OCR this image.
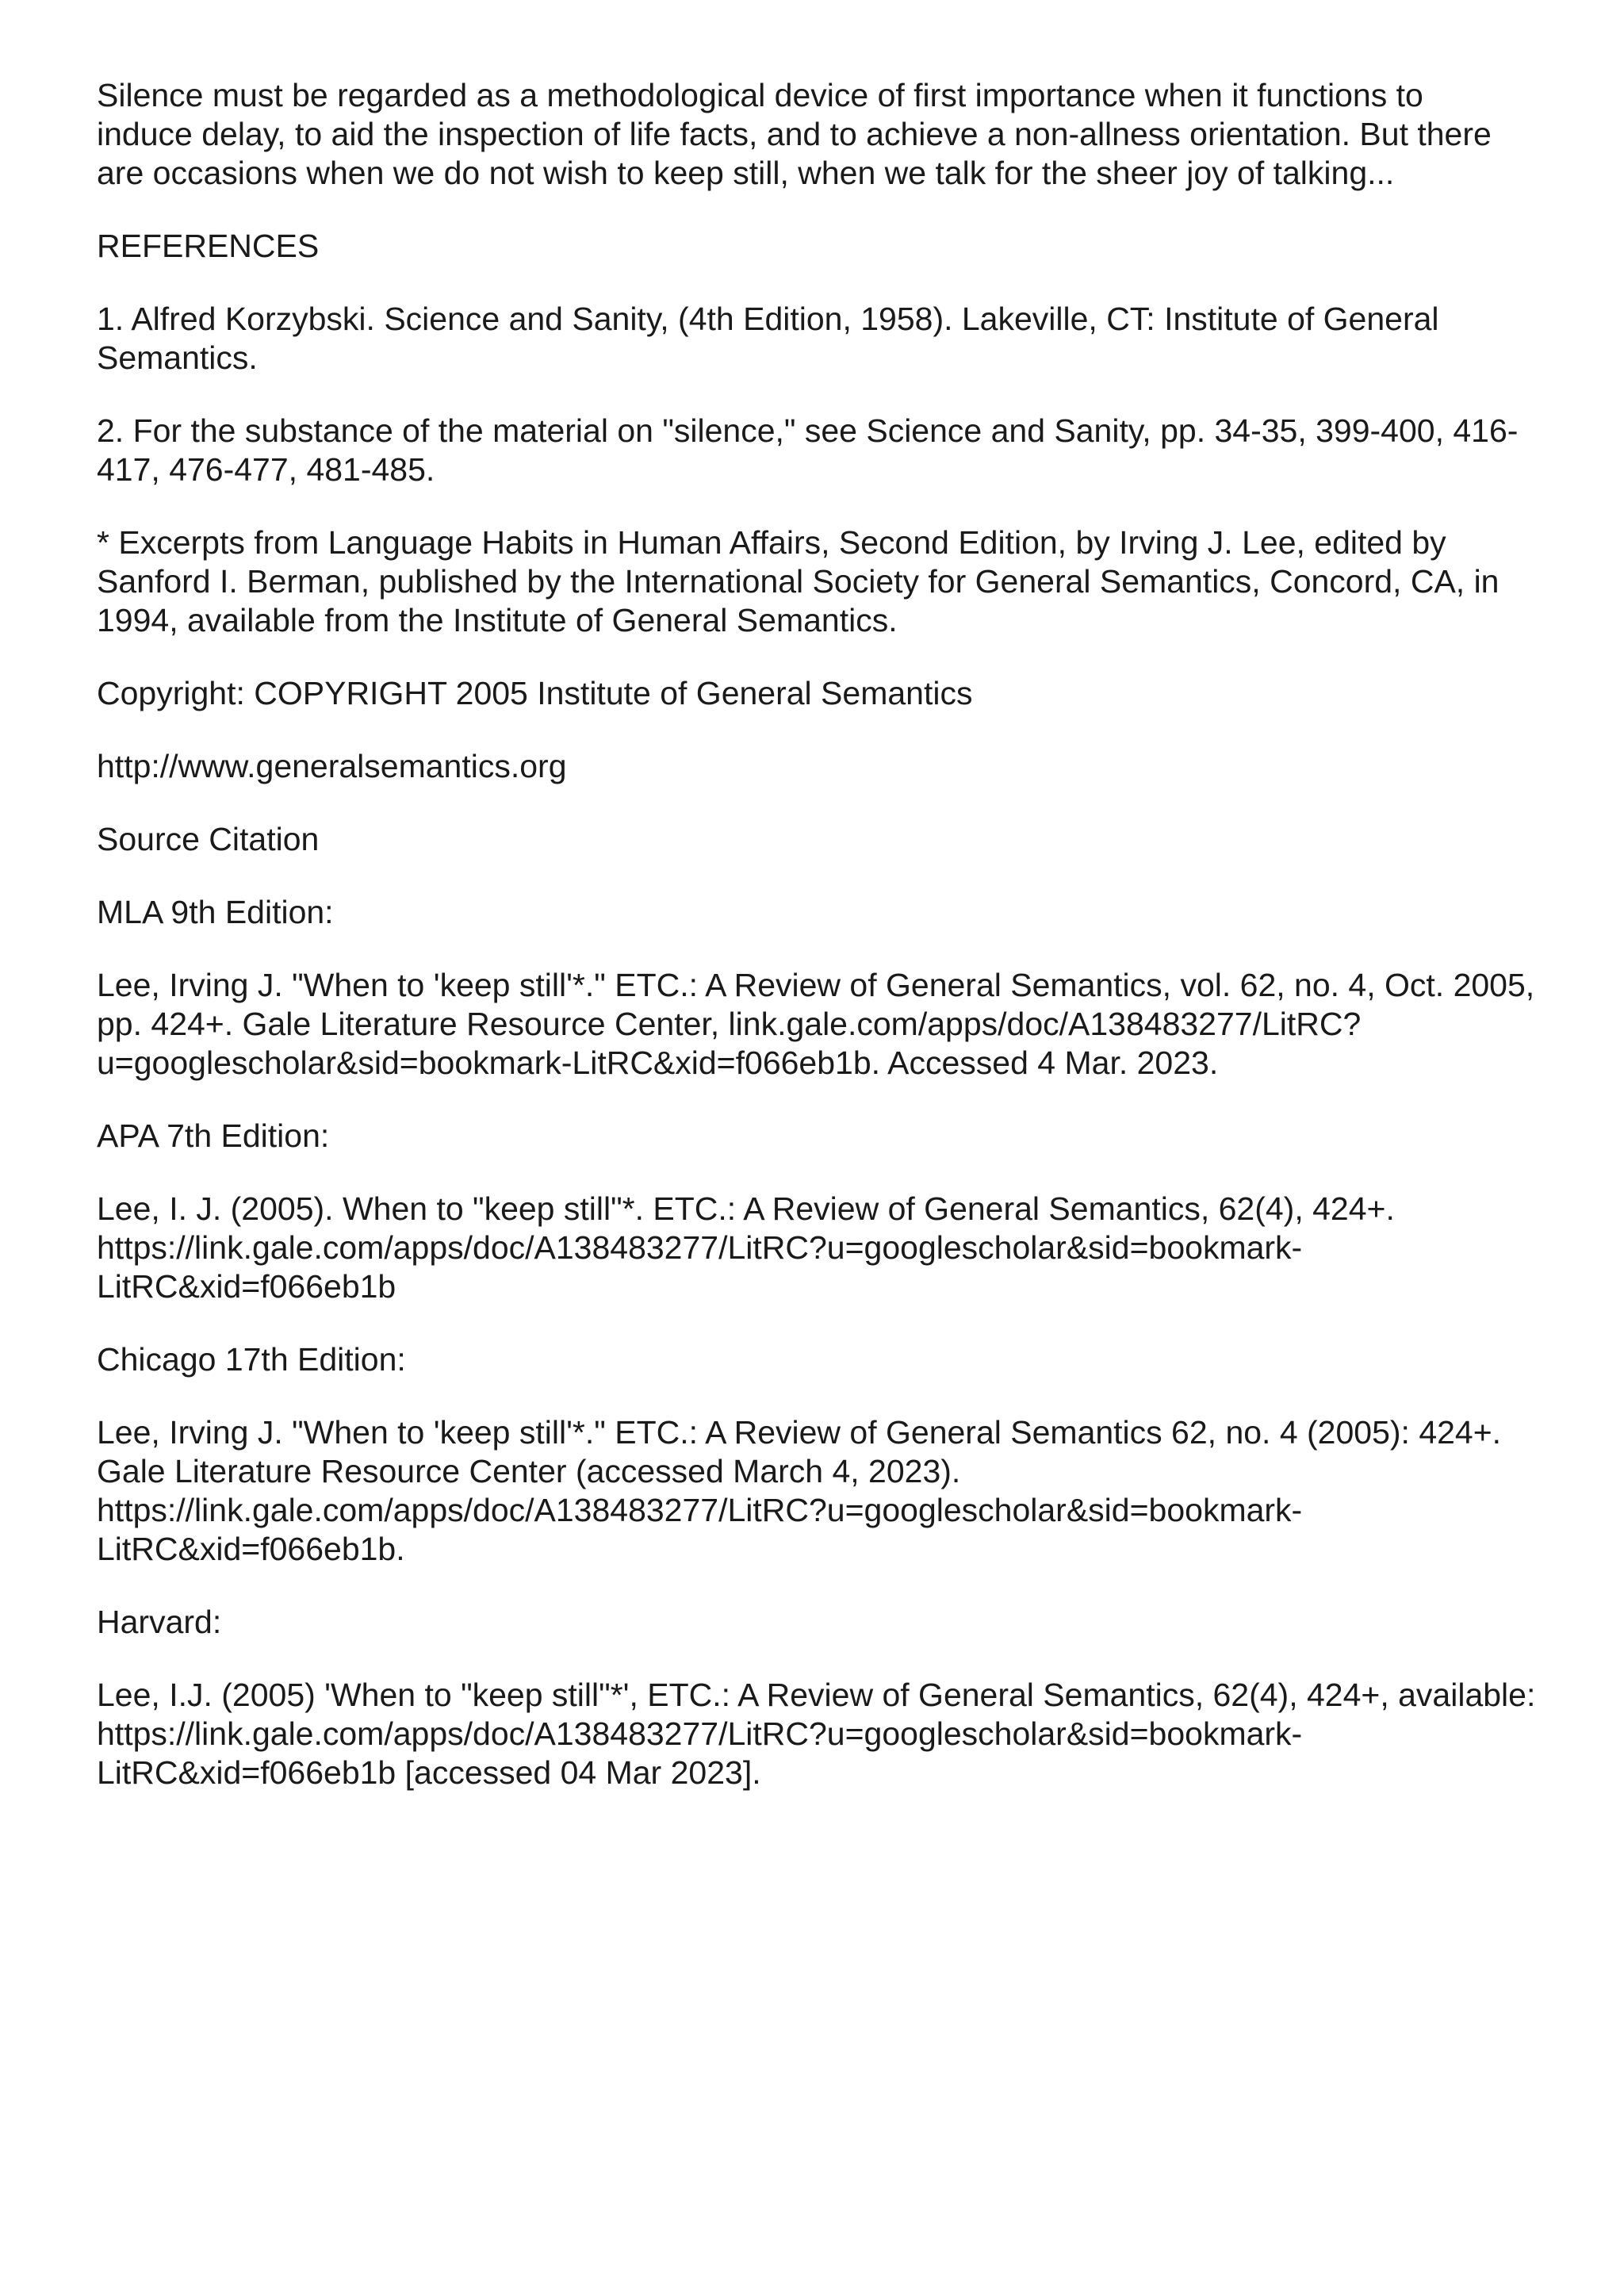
Silence must be regarded as a methodological device of first importance when it functions to
induce delay, to aid the inspection of life facts, and to achieve a non-allness orientation. But there
are occasions when we do not wish to keep still, when we talk for the sheer joy of talking...

REFERENCES

1. Alfred Korzybski. Science and Sanity, (4th Edition, 1958). Lakeville, CT: Institute of General
Semantics.

2. For the substance of the material on "silence," see Science and Sanity, pp. 34-35, 399-400, 416-
417, 476-477, 481-485.

* Excerpts from Language Habits in Human Affairs, Second Edition, by Irving J. Lee, edited by
Sanford I. Berman, published by the International Society for General Semantics, Concord, CA, in
1994, available from the Institute of General Semantics.

Copyright: COPYRIGHT 2005 Institute of General Semantics

http://www.generalsemantics.org

Source Citation

MLA 9th Edition:

Lee, Irving J. "When to 'keep still'*." ETC.: A Review of General Semantics, vol. 62, no. 4, Oct. 2005,
pp. 424+. Gale Literature Resource Center, link.gale.com/apps/doc/A138483277/LitRC?
u=googlescholar&sid=bookmark-LitRC&xid=f066eb1b. Accessed 4 Mar. 2023.

APA 7th Edition:

Lee, I. J. (2005). When to "keep still"*. ETC.: A Review of General Semantics, 62(4), 424+.
https://link.gale.com/apps/doc/A138483277/LitRC?u=googlescholar&sid=bookmark-
LitRC&xid=f066eb1b

Chicago 17th Edition:

Lee, Irving J. "When to 'keep still'*." ETC.: A Review of General Semantics 62, no. 4 (2005): 424+.
Gale Literature Resource Center (accessed March 4, 2023).
https://link.gale.com/apps/doc/A138483277/LitRC?u=googlescholar&sid=bookmark-
LitRC&xid=f066eb1b.

Harvard:

Lee, I.J. (2005) 'When to "keep still"*', ETC.: A Review of General Semantics, 62(4), 424+, available:
https://link.gale.com/apps/doc/A138483277/LitRC?u=googlescholar&sid=bookmark-
LitRC&xid=f066eb1b [accessed 04 Mar 2023].
